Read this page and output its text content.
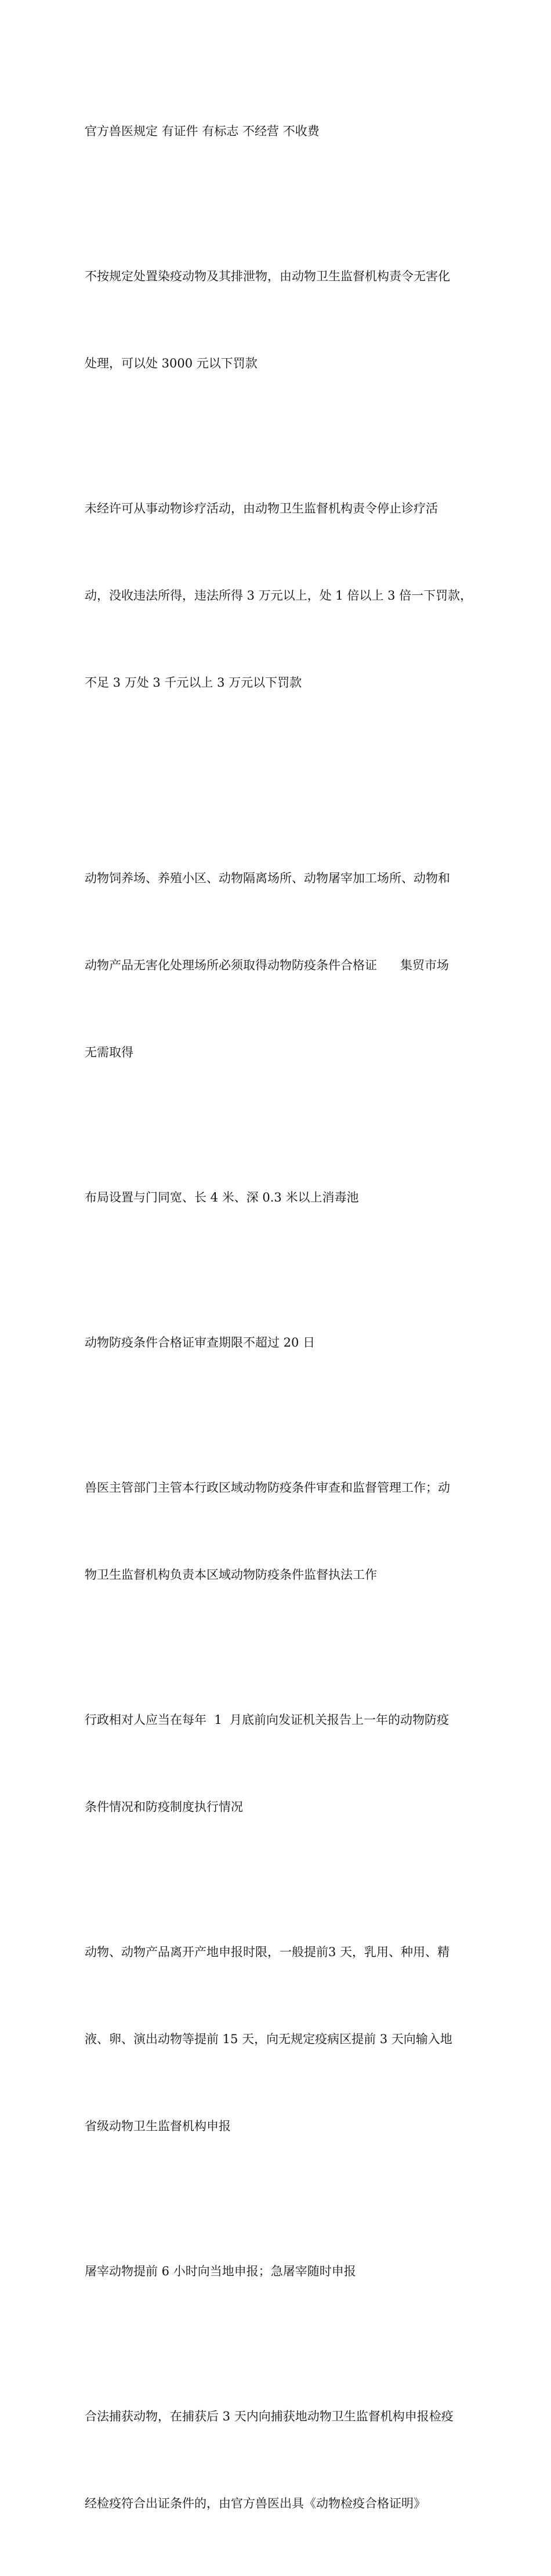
官方兽医规定 有证件 有标志 不经营 不收费

不按规定处置染疫动物及其排泄物，由动物卫生监督机构责令无害化

处理，可以处 3000 元以下罚款

未经许可从事动物诊疗活动，由动物卫生监督机构责令停止诊疗活

动，没收违法所得，违法所得 3 万元以上，处 1 倍以上 3 倍一下罚款，

不足 3 万处 3 千元以上 3 万元以下罚款

动物饲养场、养殖小区、动物隔离场所、动物屠宰加工场所、动物和

动物产品无害化处理场所必须取得动物防疫条件合格证      集贸市场

无需取得

布局设置与门同宽、长 4 米、深 0.3 米以上消毒池

动物防疫条件合格证审查期限不超过 20 日

兽医主管部门主管本行政区域动物防疫条件审查和监督管理工作；动

物卫生监督机构负责本区域动物防疫条件监督执法工作

行政相对人应当在每年  1  月底前向发证机关报告上一年的动物防疫

条件情况和防疫制度执行情况

动物、动物产品离开产地申报时限，一般提前3 天，乳用、种用、精

液、卵、演出动物等提前 15 天，向无规定疫病区提前 3 天向输入地

省级动物卫生监督机构申报

屠宰动物提前 6 小时向当地申报；急屠宰随时申报

合法捕获动物，在捕获后 3 天内向捕获地动物卫生监督机构申报检疫

经检疫符合出证条件的，由官方兽医出具《动物检疫合格证明》
